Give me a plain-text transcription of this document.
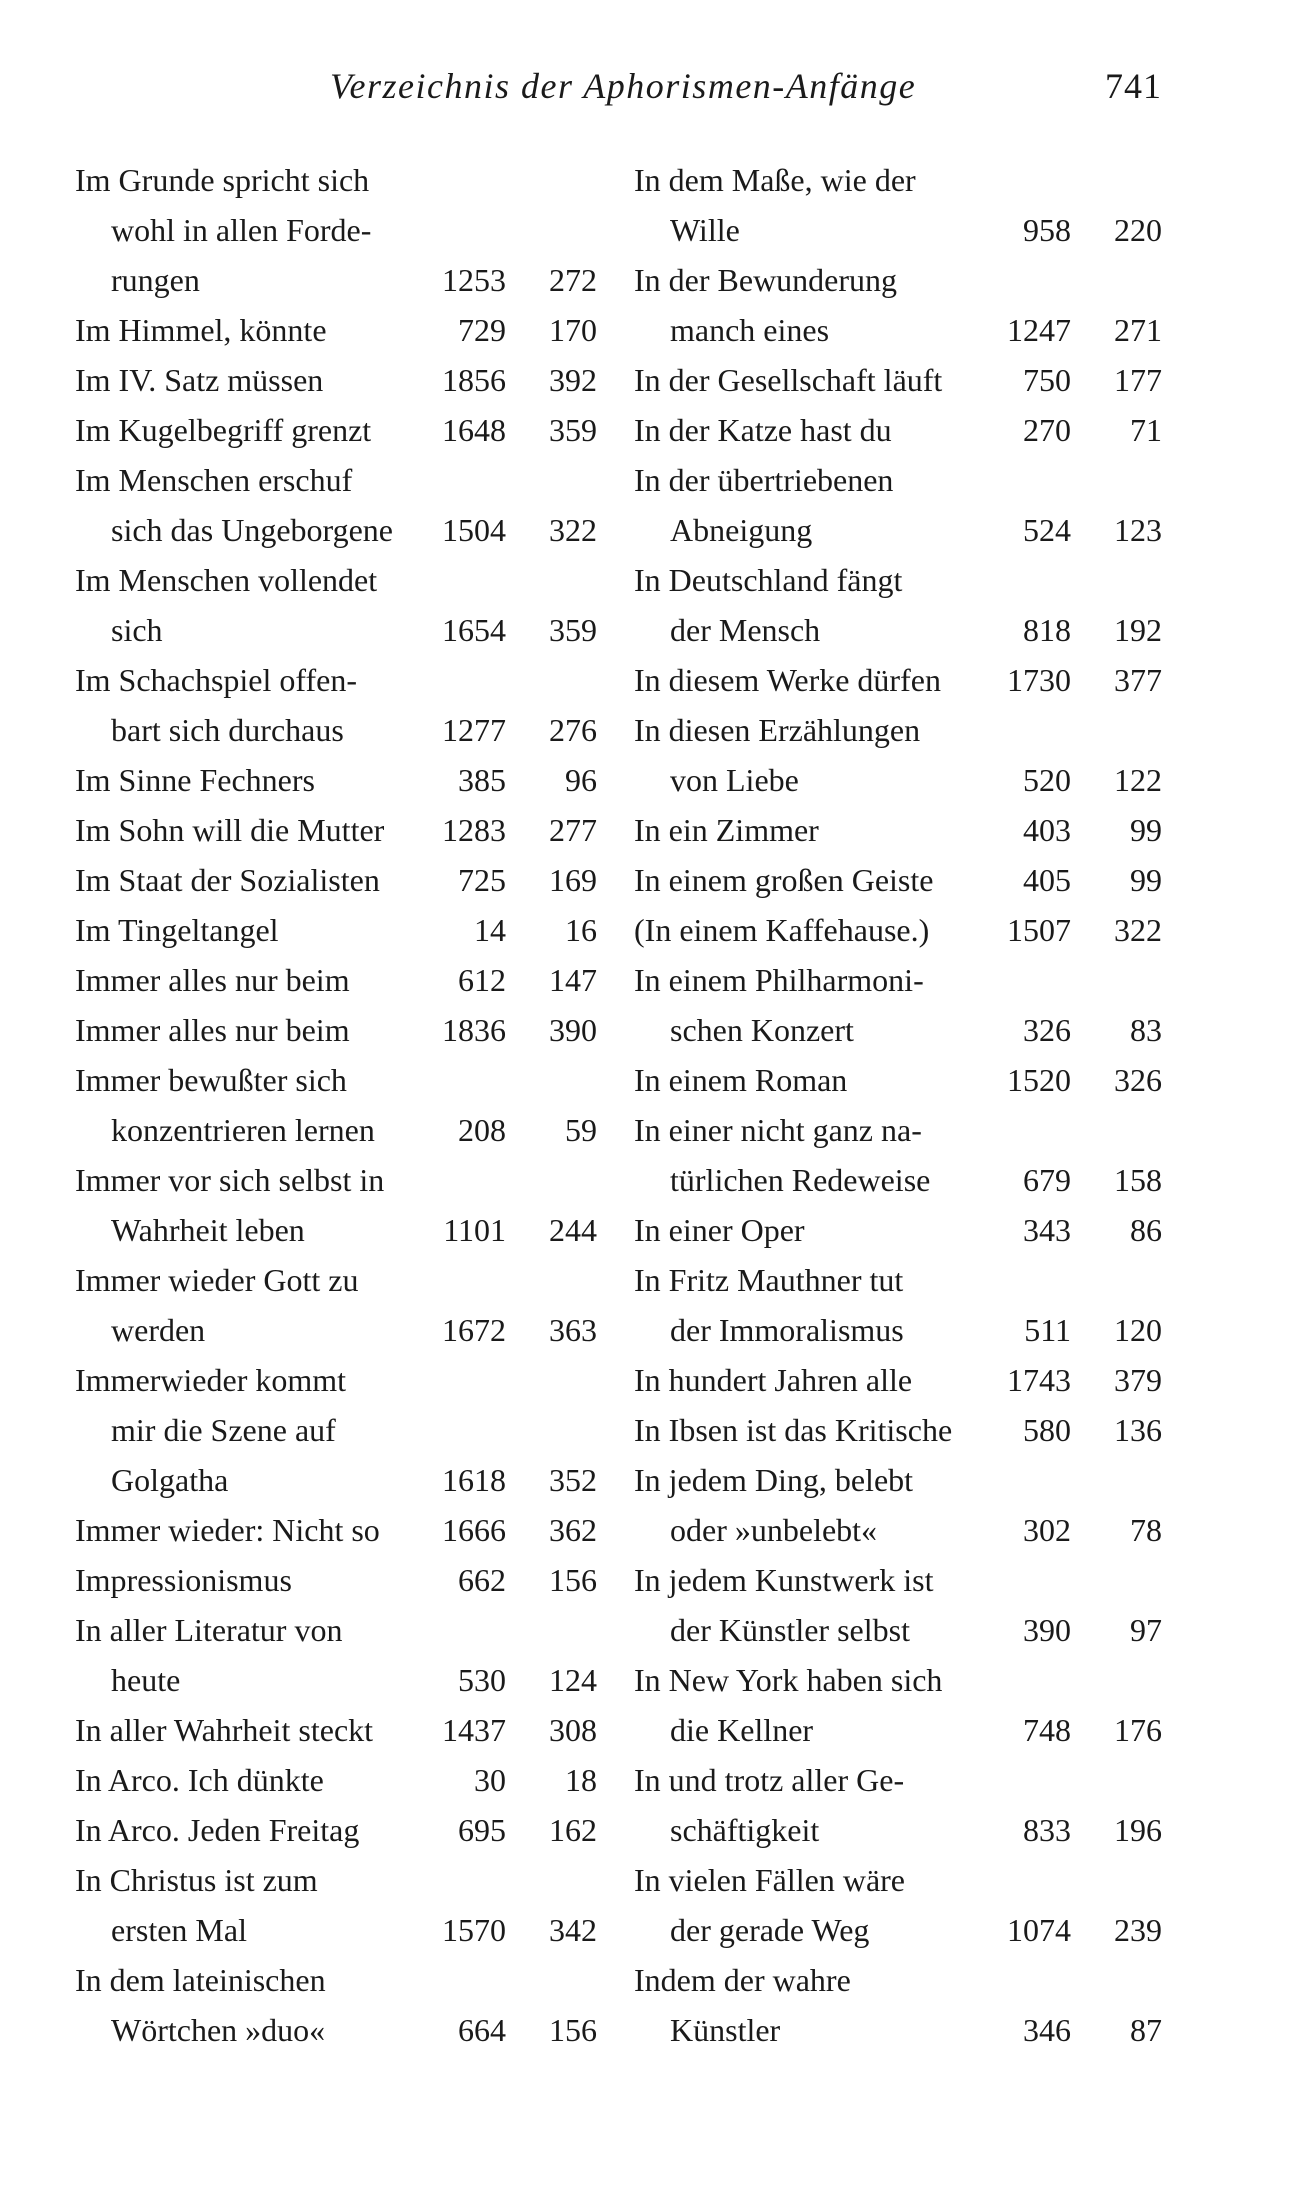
Verzeichnis der Aphorismen-Anfänge	741
Im Grunde spricht sich
wohl in allen Forde-
rungen	1253 272
Im Himmel, könnte	729 170
Im IV. Satz müssen	1856 392
Im Kugelbegriff grenzt 1648 359
Im Menschen erschuf
sich das Ungeborgene 1504 322
Im Menschen vollendet
sich	1654 359
Im Schachspiel offen-
bart sich durchaus	1277 276
Im Sinne Fechners	385 96
Im Sohn will die Mutter 1283 277
Im Staat der Sozialisten 725 169
Im Tingeltangel	14 16
Immer alles nur beim	612 147
Immer alles nur beim	1836 390
Immer bewußter sich
konzentrieren lernen	208 59
Immer vor sich selbst in
Wahrheit leben	1101 244
Immer wieder Gott zu
werden	1672 363
Immerwieder kommt
mir die Szene auf
Golgatha	1618 352
Immer wieder: Nicht so 1666 362
Impressionismus	662 156
In aller Literatur von
heute	530 124
In aller Wahrheit steckt 1437 308
In Arco. Ich dünkte	30 18
In Arco. Jeden Freitag	695 162
In Christus ist zum
ersten Mal	1570 342
In dem lateinischen
Wörtchen »duo«	664 156
In dem Maße, wie der
Wille	958 220
In der Bewunderung
manch eines	1247 271
In der Gesellschaft läuft	750 177
In der Katze hast du	270 71
In der übertriebenen
Abneigung	524 123
In Deutschland fängt
der Mensch	818 192
In diesem Werke dürfen 1730 377
In diesen Erzählungen
von Liebe	520 122
In ein Zimmer	403 99
In einem großen Geiste	405 99
(In einem Kaffehause.) 1507 322
In einem Philharmoni-
schen Konzert	326 83
In einem Roman	1520 326
In einer nicht ganz na-
türlichen Redeweise	679 158
In einer Oper	343 86
In Fritz Mauthner tut
der Immoralismus	511 120
In hundert Jahren alle	1743 379
In Ibsen ist das Kritische 580 136
In jedem Ding, belebt
oder »unbelebt«	302 78
In jedem Kunstwerk ist
der Künstler selbst	390 97
In New York haben sich
die Kellner	748 176
In und trotz aller Ge-
schäftigkeit	833 196
In vielen Fällen wäre
der gerade Weg	1074 239
Indem der wahre
Künstler	346 87
